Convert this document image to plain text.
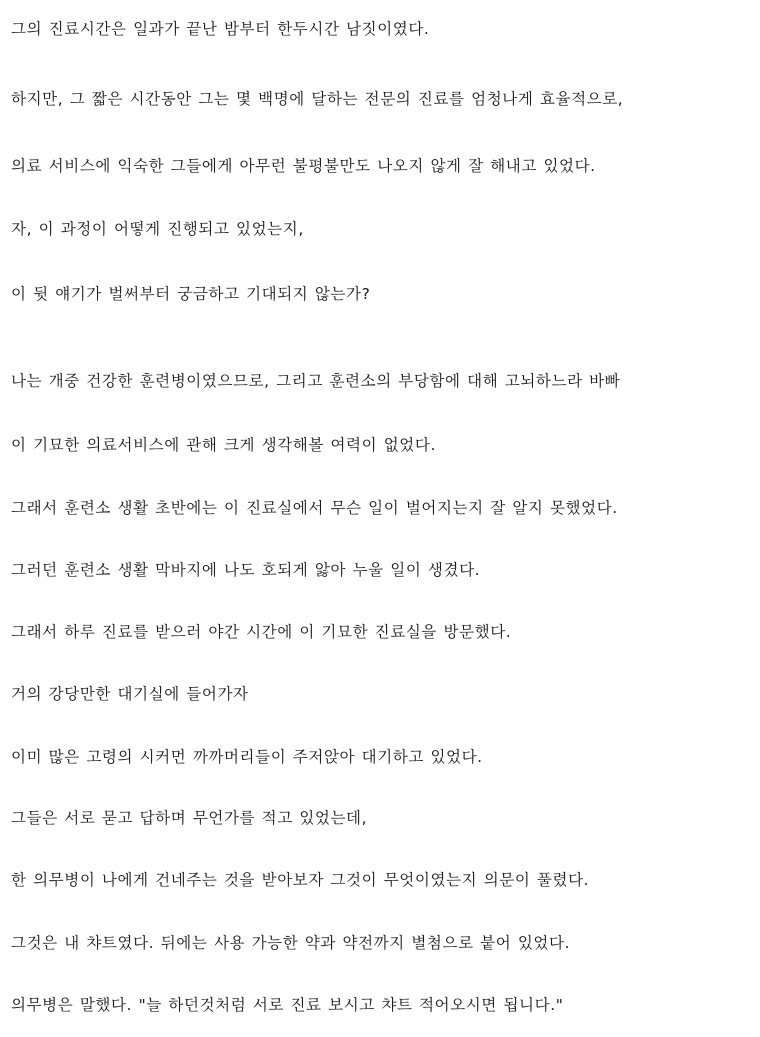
그의 진료시간은 일과가 끝난 밤부터 한두시간 남짓이였다.

하지만, 그 짧은 시간동안 그는 몇 백명에 달하는 전문의 진료를 엄청나게 효율적으로,

의료 서비스에 익숙한 그들에게 아무런 불평불만도 나오지 않게 잘 해내고 있었다.

자, 이 과정이 어떻게 진행되고 있었는지,

이 뒷 얘기가 벌써부터 궁금하고 기대되지 않는가?

나는 개중 건강한 훈련병이였으므로, 그리고 훈련소의 부당함에 대해 고뇌하느라 바빠

이 기묘한 의료서비스에 관해 크게 생각해볼 여력이 없었다.

그래서 훈련소 생활 초반에는 이 진료실에서 무슨 일이 벌어지는지 잘 알지 못했었다.

그러던 훈련소 생활 막바지에 나도 호되게 앓아 누울 일이 생겼다.

그래서 하루 진료를 받으러 야간 시간에 이 기묘한 진료실을 방문했다.

거의 강당만한 대기실에 들어가자

이미 많은 고령의 시커먼 까까머리들이 주저앉아 대기하고 있었다.

그들은 서로 묻고 답하며 무언가를 적고 있었는데,

한 의무병이 나에게 건네주는 것을 받아보자 그것이 무엇이였는지 의문이 풀렸다.

그것은 내 챠트였다. 뒤에는 사용 가능한 약과 약전까지 별첨으로 붙어 있었다.

의무병은 말했다. "늘 하던것처럼 서로 진료 보시고 챠트 적어오시면 됩니다."
